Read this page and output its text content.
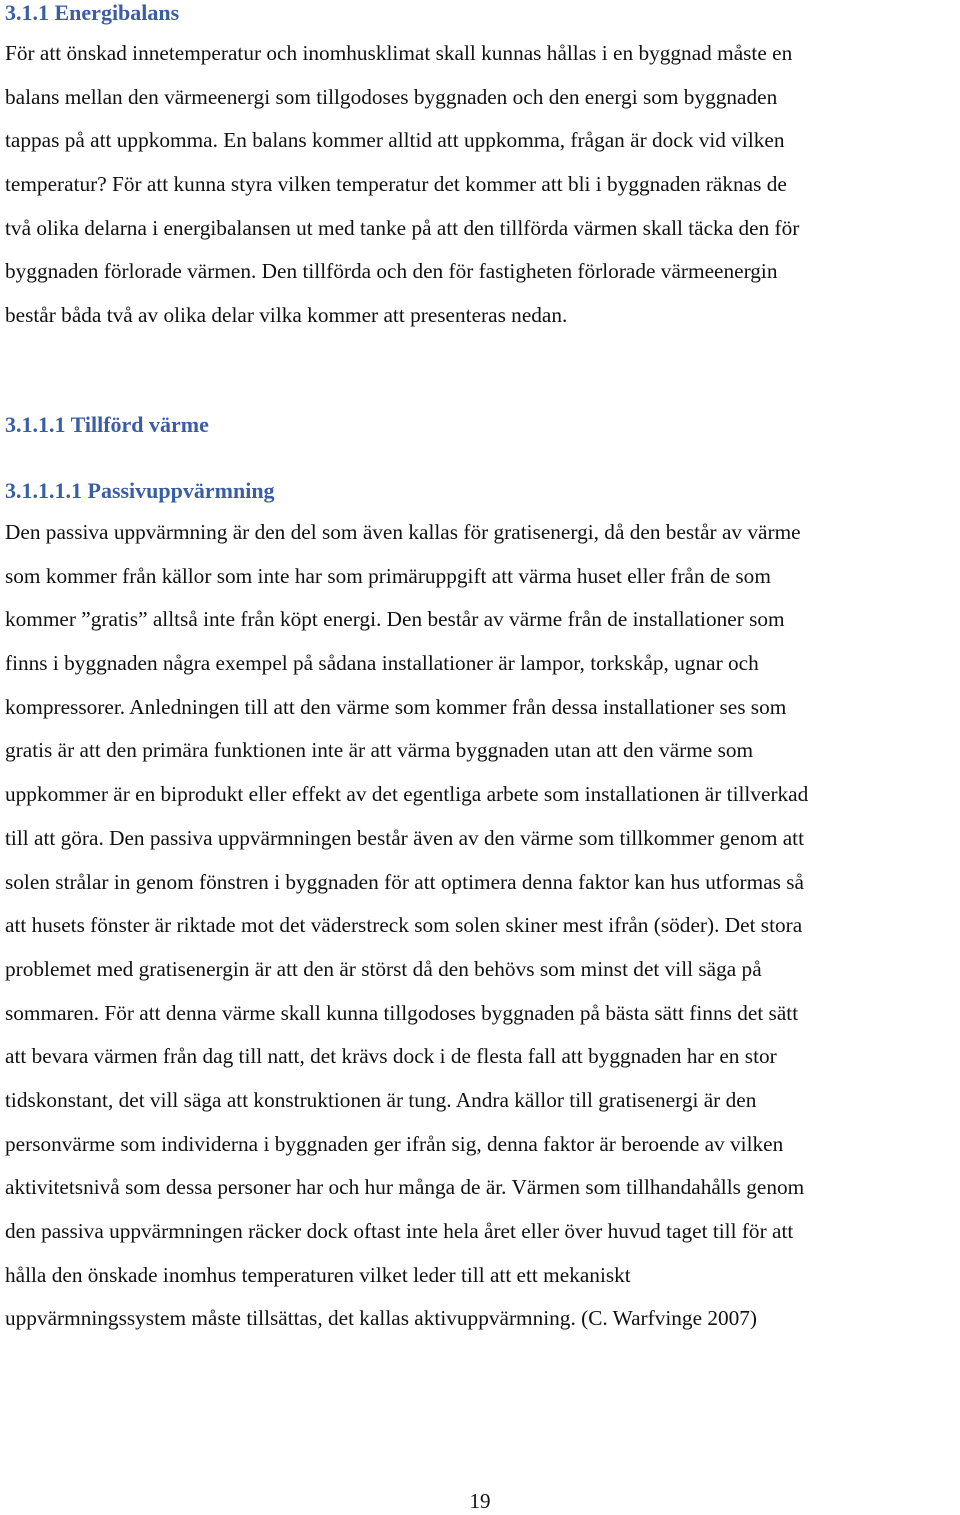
3.1.1 Energibalans
För att önskad innetemperatur och inomhusklimat skall kunnas hållas i en byggnad måste en
balans mellan den värmeenergi som tillgodoses byggnaden och den energi som byggnaden
tappas på att uppkomma. En balans kommer alltid att uppkomma, frågan är dock vid vilken
temperatur? För att kunna styra vilken temperatur det kommer att bli i byggnaden räknas de
två olika delarna i energibalansen ut med tanke på att den tillförda värmen skall täcka den för
byggnaden förlorade värmen. Den tillförda och den för fastigheten förlorade värmeenergin
består båda två av olika delar vilka kommer att presenteras nedan.
3.1.1.1 Tillförd värme
3.1.1.1.1 Passivuppvärmning
Den passiva uppvärmning är den del som även kallas för gratisenergi, då den består av värme
som kommer från källor som inte har som primäruppgift att värma huset eller från de som
kommer ”gratis” alltså inte från köpt energi. Den består av värme från de installationer som
finns i byggnaden några exempel på sådana installationer är lampor, torkskåp, ugnar och
kompressorer. Anledningen till att den värme som kommer från dessa installationer ses som
gratis är att den primära funktionen inte är att värma byggnaden utan att den värme som
uppkommer är en biprodukt eller effekt av det egentliga arbete som installationen är tillverkad
till att göra. Den passiva uppvärmningen består även av den värme som tillkommer genom att
solen strålar in genom fönstren i byggnaden för att optimera denna faktor kan hus utformas så
att husets fönster är riktade mot det väderstreck som solen skiner mest ifrån (söder). Det stora
problemet med gratisenergin är att den är störst då den behövs som minst det vill säga på
sommaren. För att denna värme skall kunna tillgodoses byggnaden på bästa sätt finns det sätt
att bevara värmen från dag till natt, det krävs dock i de flesta fall att byggnaden har en stor
tidskonstant, det vill säga att konstruktionen är tung. Andra källor till gratisenergi är den
personvärme som individerna i byggnaden ger ifrån sig, denna faktor är beroende av vilken
aktivitetsnivå som dessa personer har och hur många de är. Värmen som tillhandahålls genom
den passiva uppvärmningen räcker dock oftast inte hela året eller över huvud taget till för att
hålla den önskade inomhus temperaturen vilket leder till att ett mekaniskt
uppvärmningssystem måste tillsättas, det kallas aktivuppvärmning. (C. Warfvinge 2007)
19
